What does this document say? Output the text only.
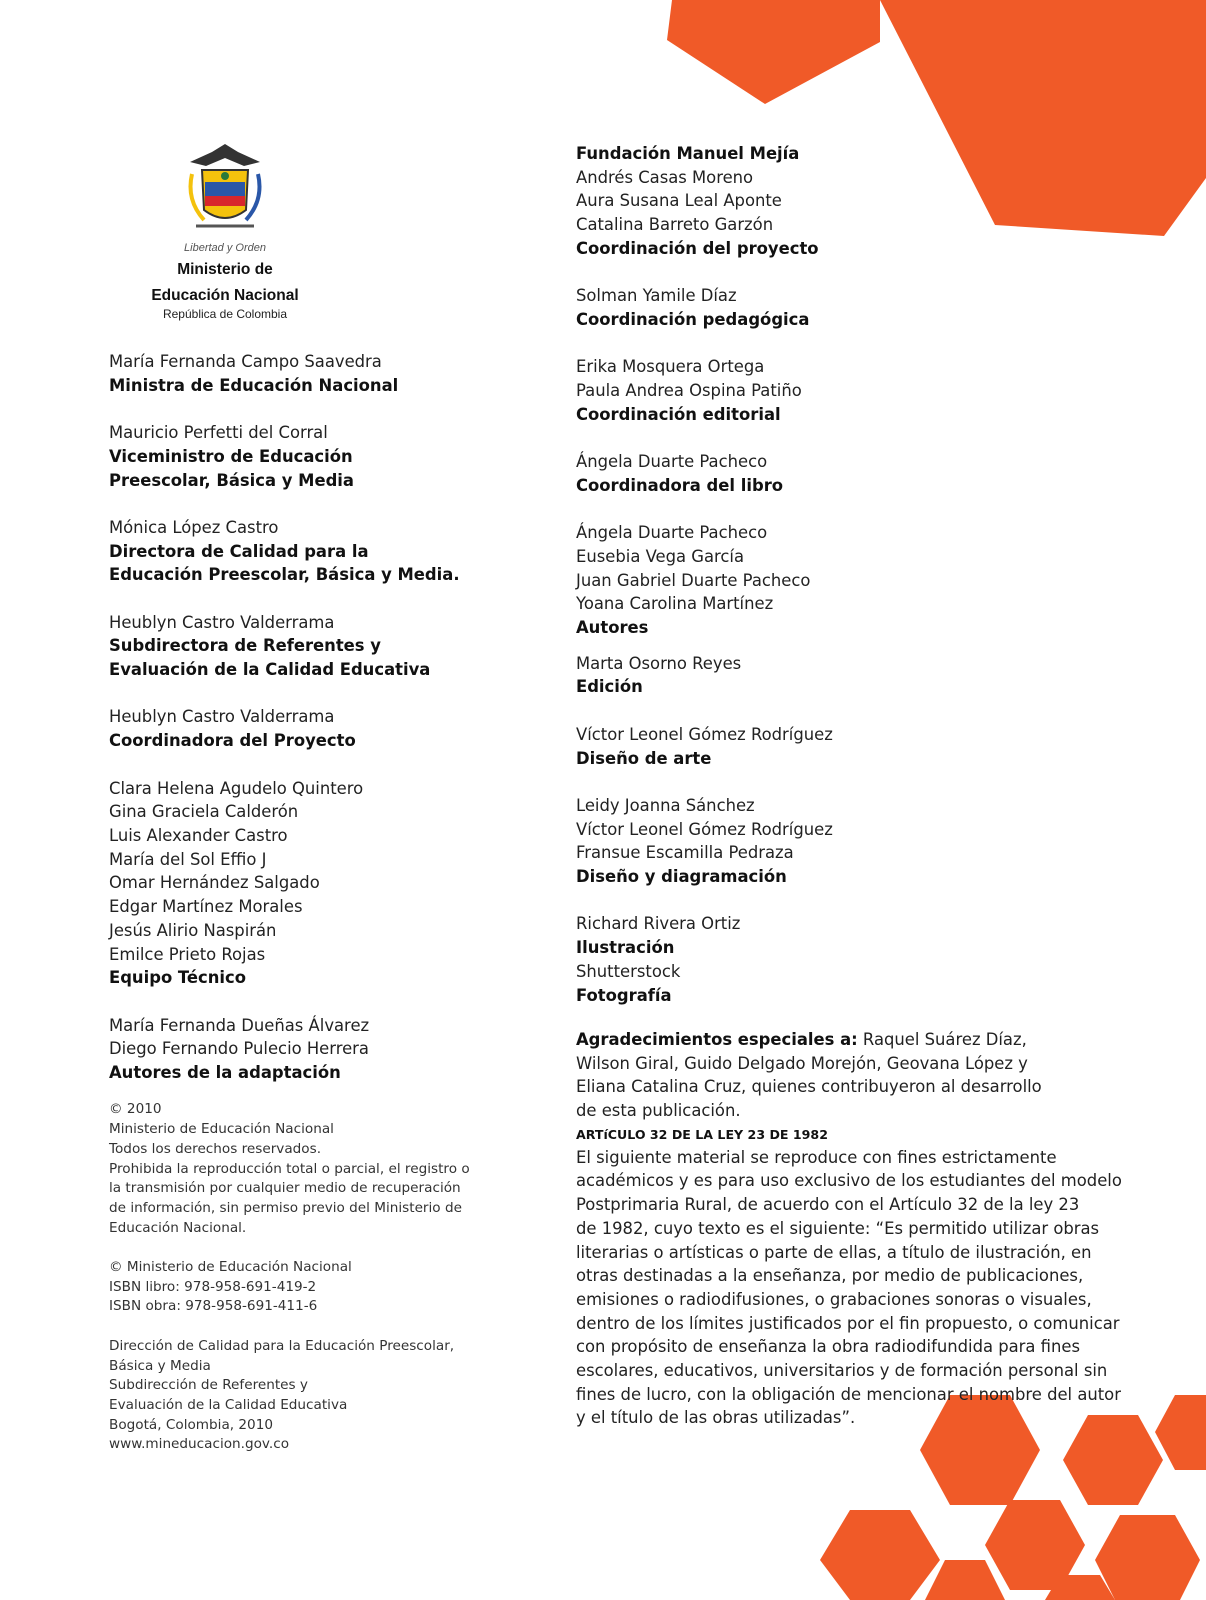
Libertad y Orden
Ministerio de
Educación Nacional
República de Colombia
María Fernanda Campo Saavedra
Ministra de Educación Nacional
Mauricio Perfetti del Corral
Viceministro de Educación
Preescolar, Básica y Media
Mónica López Castro
Directora de Calidad para la
Educación Preescolar, Básica y Media.
Heublyn Castro Valderrama
Subdirectora de Referentes y
Evaluación de la Calidad Educativa
Heublyn Castro Valderrama
Coordinadora del Proyecto
Clara Helena Agudelo Quintero
Gina Graciela Calderón
Luis Alexander Castro
María del Sol Effio J
Omar Hernández Salgado
Edgar Martínez Morales
Jesús Alirio Naspirán
Emilce Prieto Rojas
Equipo Técnico
María Fernanda Dueñas Álvarez
Diego Fernando Pulecio Herrera
Autores de la adaptación
© 2010
Ministerio de Educación Nacional
Todos los derechos reservados.
Prohibida la reproducción total o parcial, el registro o
la transmisión por cualquier medio de recuperación
de información, sin permiso previo del Ministerio de
Educación Nacional.
© Ministerio de Educación Nacional
ISBN libro: 978-958-691-419-2
ISBN obra: 978-958-691-411-6
Dirección de Calidad para la Educación Preescolar,
Básica y Media
Subdirección de Referentes y
Evaluación de la Calidad Educativa
Bogotá, Colombia, 2010
www.mineducacion.gov.co
Fundación Manuel Mejía
Andrés Casas Moreno
Aura Susana Leal Aponte
Catalina Barreto Garzón
Coordinación del proyecto
Solman Yamile Díaz
Coordinación pedagógica
Erika Mosquera Ortega
Paula Andrea Ospina Patiño
Coordinación editorial
Ángela Duarte Pacheco
Coordinadora del libro
Ángela Duarte Pacheco
Eusebia Vega García
Juan Gabriel Duarte Pacheco
Yoana Carolina Martínez
Autores
Marta Osorno Reyes
Edición
Víctor Leonel Gómez Rodríguez
Diseño de arte
Leidy Joanna Sánchez
Víctor Leonel Gómez Rodríguez
Fransue Escamilla Pedraza
Diseño y diagramación
Richard Rivera Ortiz
Ilustración
Shutterstock
Fotografía
Agradecimientos especiales a: Raquel Suárez Díaz,
Wilson Giral, Guido Delgado Morejón, Geovana López y
Eliana Catalina Cruz, quienes contribuyeron al desarrollo
de esta publicación.
ARTíCULO 32 DE LA LEY 23 DE 1982
El siguiente material se reproduce con fines estrictamente
académicos y es para uso exclusivo de los estudiantes del modelo
Postprimaria Rural, de acuerdo con el Artículo 32 de la ley 23
de 1982, cuyo texto es el siguiente: “Es permitido utilizar obras
literarias o artísticas o parte de ellas, a título de ilustración, en
otras destinadas a la enseñanza, por medio de publicaciones,
emisiones o radiodifusiones, o grabaciones sonoras o visuales,
dentro de los límites justificados por el fin propuesto, o comunicar
con propósito de enseñanza la obra radiodifundida para fines
escolares, educativos, universitarios y de formación personal sin
fines de lucro, con la obligación de mencionar el nombre del autor
y el título de las obras utilizadas”.
